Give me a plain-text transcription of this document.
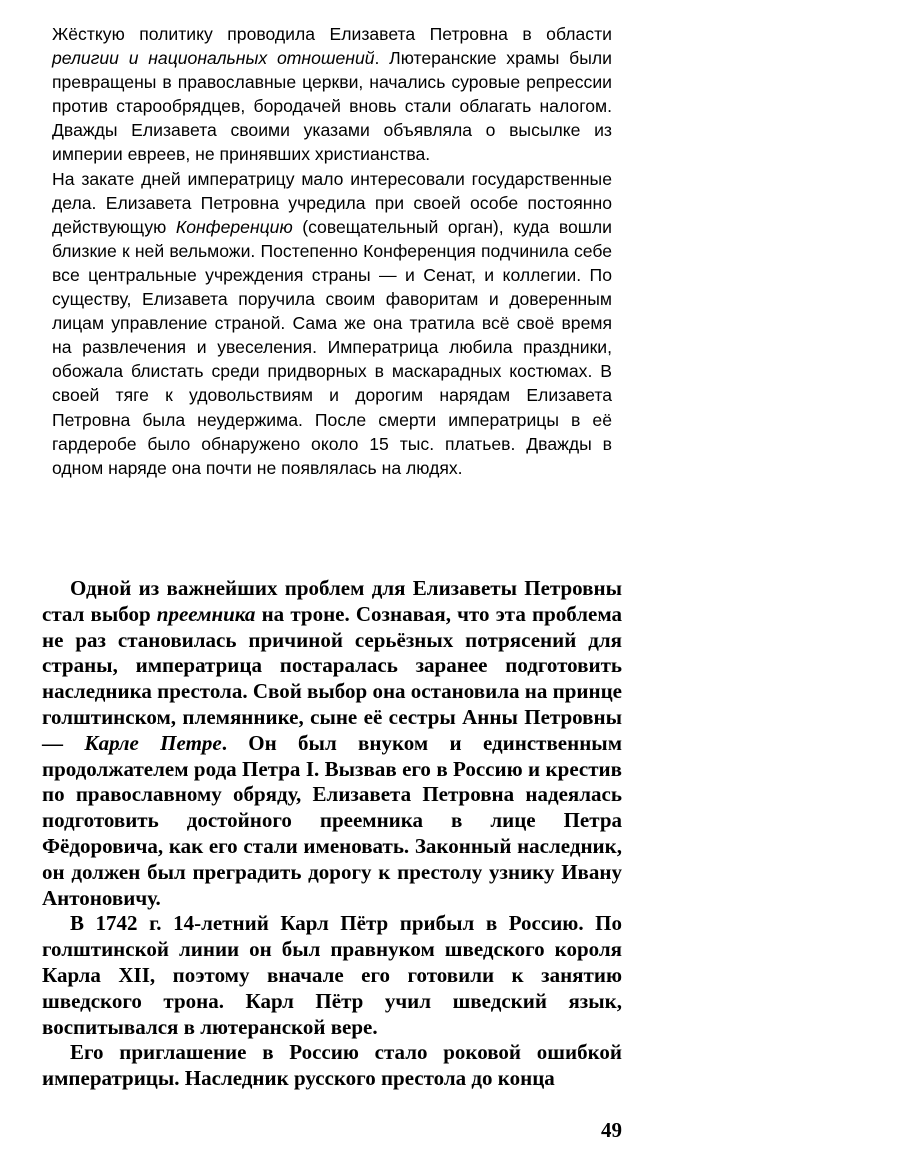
Жёсткую политику проводила Елизавета Петровна в области религии и национальных отношений. Лютеранские храмы были превращены в православные церкви, начались суровые репрессии против старообрядцев, бородачей вновь стали облагать налогом. Дважды Елизавета своими указами объявляла о высылке из империи евреев, не принявших христианства.

На закате дней императрицу мало интересовали государственные дела. Елизавета Петровна учредила при своей особе постоянно действующую Конференцию (совещательный орган), куда вошли близкие к ней вельможи. Постепенно Конференция подчинила себе все центральные учреждения страны — и Сенат, и коллегии. По существу, Елизавета поручила своим фаворитам и доверенным лицам управление страной. Сама же она тратила всё своё время на развлечения и увеселения. Императрица любила праздники, обожала блистать среди придворных в маскарадных костюмах. В своей тяге к удовольствиям и дорогим нарядам Елизавета Петровна была неудержима. После смерти императрицы в её гардеробе было обнаружено около 15 тыс. платьев. Дважды в одном наряде она почти не появлялась на людях.

Одной из важнейших проблем для Елизаветы Петровны стал выбор преемника на троне. Сознавая, что эта проблема не раз становилась причиной серьёзных потрясений для страны, императрица постаралась заранее подготовить наследника престола. Свой выбор она остановила на принце голштинском, племяннике, сыне её сестры Анны Петровны — Карле Петре. Он был внуком и единственным продолжателем рода Петра I. Вызвав его в Россию и крестив по православному обряду, Елизавета Петровна надеялась подготовить достойного преемника в лице Петра Фёдоровича, как его стали именовать. Законный наследник, он должен был преградить дорогу к престолу узнику Ивану Антоновичу.

В 1742 г. 14-летний Карл Пётр прибыл в Россию. По голштинской линии он был правнуком шведского короля Карла XII, поэтому вначале его готовили к занятию шведского трона. Карл Пётр учил шведский язык, воспитывался в лютеранской вере.

Его приглашение в Россию стало роковой ошибкой императрицы. Наследник русского престола до конца

49
